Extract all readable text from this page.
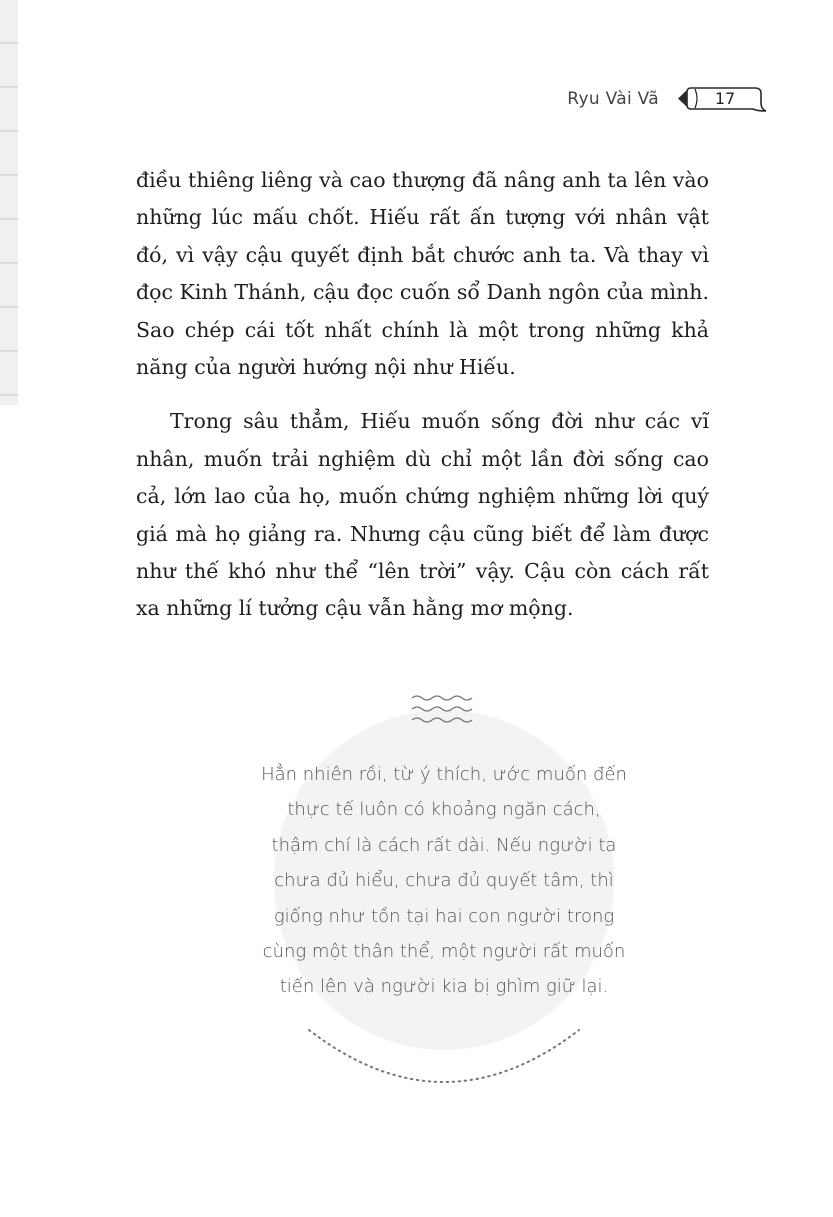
Ryu Vài Vã	17

điều thiêng liêng và cao thượng đã nâng anh ta lên vào những lúc mấu chốt. Hiếu rất ấn tượng với nhân vật đó, vì vậy cậu quyết định bắt chước anh ta. Và thay vì đọc Kinh Thánh, cậu đọc cuốn sổ Danh ngôn của mình. Sao chép cái tốt nhất chính là một trong những khả năng của người hướng nội như Hiếu.

Trong sâu thẳm, Hiếu muốn sống đời như các vĩ nhân, muốn trải nghiệm dù chỉ một lần đời sống cao cả, lớn lao của họ, muốn chứng nghiệm những lời quý giá mà họ giảng ra. Nhưng cậu cũng biết để làm được như thế khó như thể “lên trời” vậy. Cậu còn cách rất xa những lí tưởng cậu vẫn hằng mơ mộng.

Hẳn nhiên rồi, từ ý thích, ước muốn đến
thực tế luôn có khoảng ngăn cách,
thậm chí là cách rất dài. Nếu người ta
chưa đủ hiểu, chưa đủ quyết tâm, thì
giống như tồn tại hai con người trong
cùng một thân thể, một người rất muốn
tiến lên và người kia bị ghìm giữ lại.
